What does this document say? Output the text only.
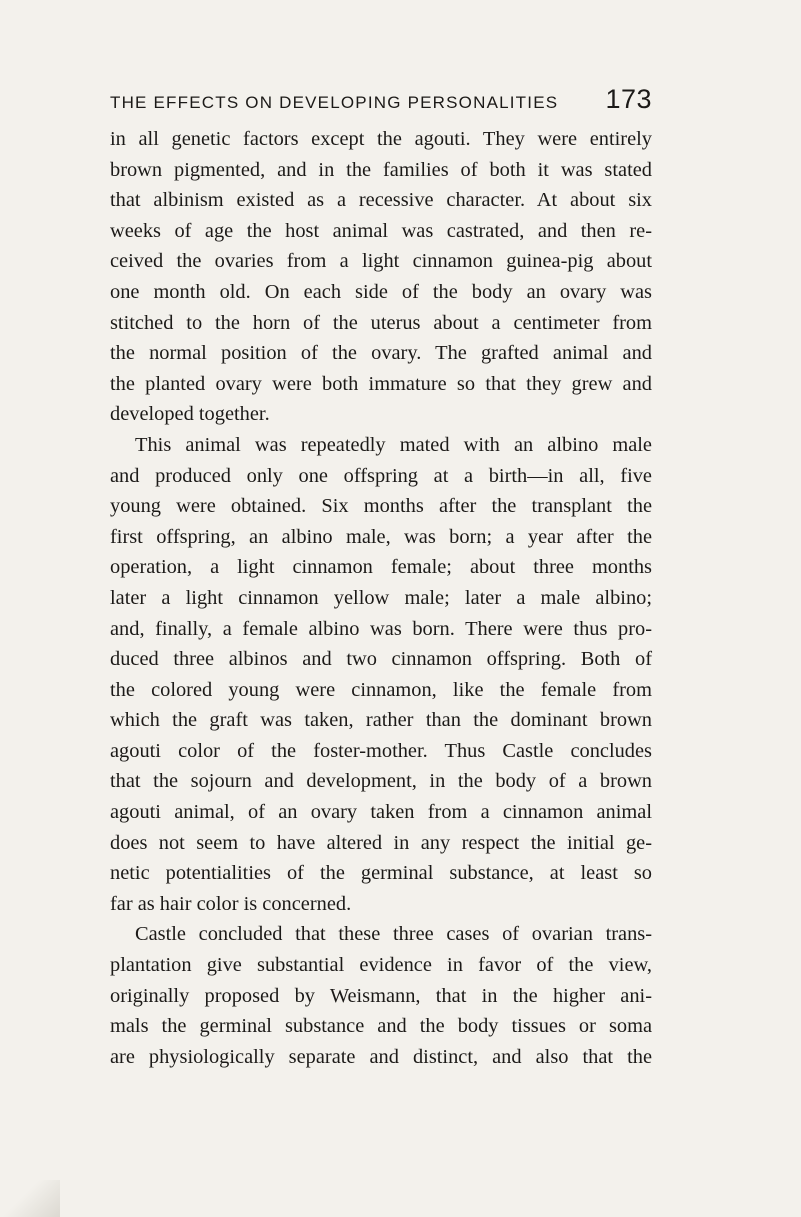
THE EFFECTS ON DEVELOPING PERSONALITIES 173
in all genetic factors except the agouti. They were entirely
brown pigmented, and in the families of both it was stated
that albinism existed as a recessive character. At about six
weeks of age the host animal was castrated, and then re-
ceived the ovaries from a light cinnamon guinea-pig about
one month old. On each side of the body an ovary was
stitched to the horn of the uterus about a centimeter from
the normal position of the ovary. The grafted animal and
the planted ovary were both immature so that they grew and
developed together.
This animal was repeatedly mated with an albino male
and produced only one offspring at a birth—in all, five
young were obtained. Six months after the transplant the
first offspring, an albino male, was born; a year after the
operation, a light cinnamon female; about three months
later a light cinnamon yellow male; later a male albino;
and, finally, a female albino was born. There were thus pro-
duced three albinos and two cinnamon offspring. Both of
the colored young were cinnamon, like the female from
which the graft was taken, rather than the dominant brown
agouti color of the foster-mother. Thus Castle concludes
that the sojourn and development, in the body of a brown
agouti animal, of an ovary taken from a cinnamon animal
does not seem to have altered in any respect the initial ge-
netic potentialities of the germinal substance, at least so
far as hair color is concerned.
Castle concluded that these three cases of ovarian trans-
plantation give substantial evidence in favor of the view,
originally proposed by Weismann, that in the higher ani-
mals the germinal substance and the body tissues or soma
are physiologically separate and distinct, and also that the
